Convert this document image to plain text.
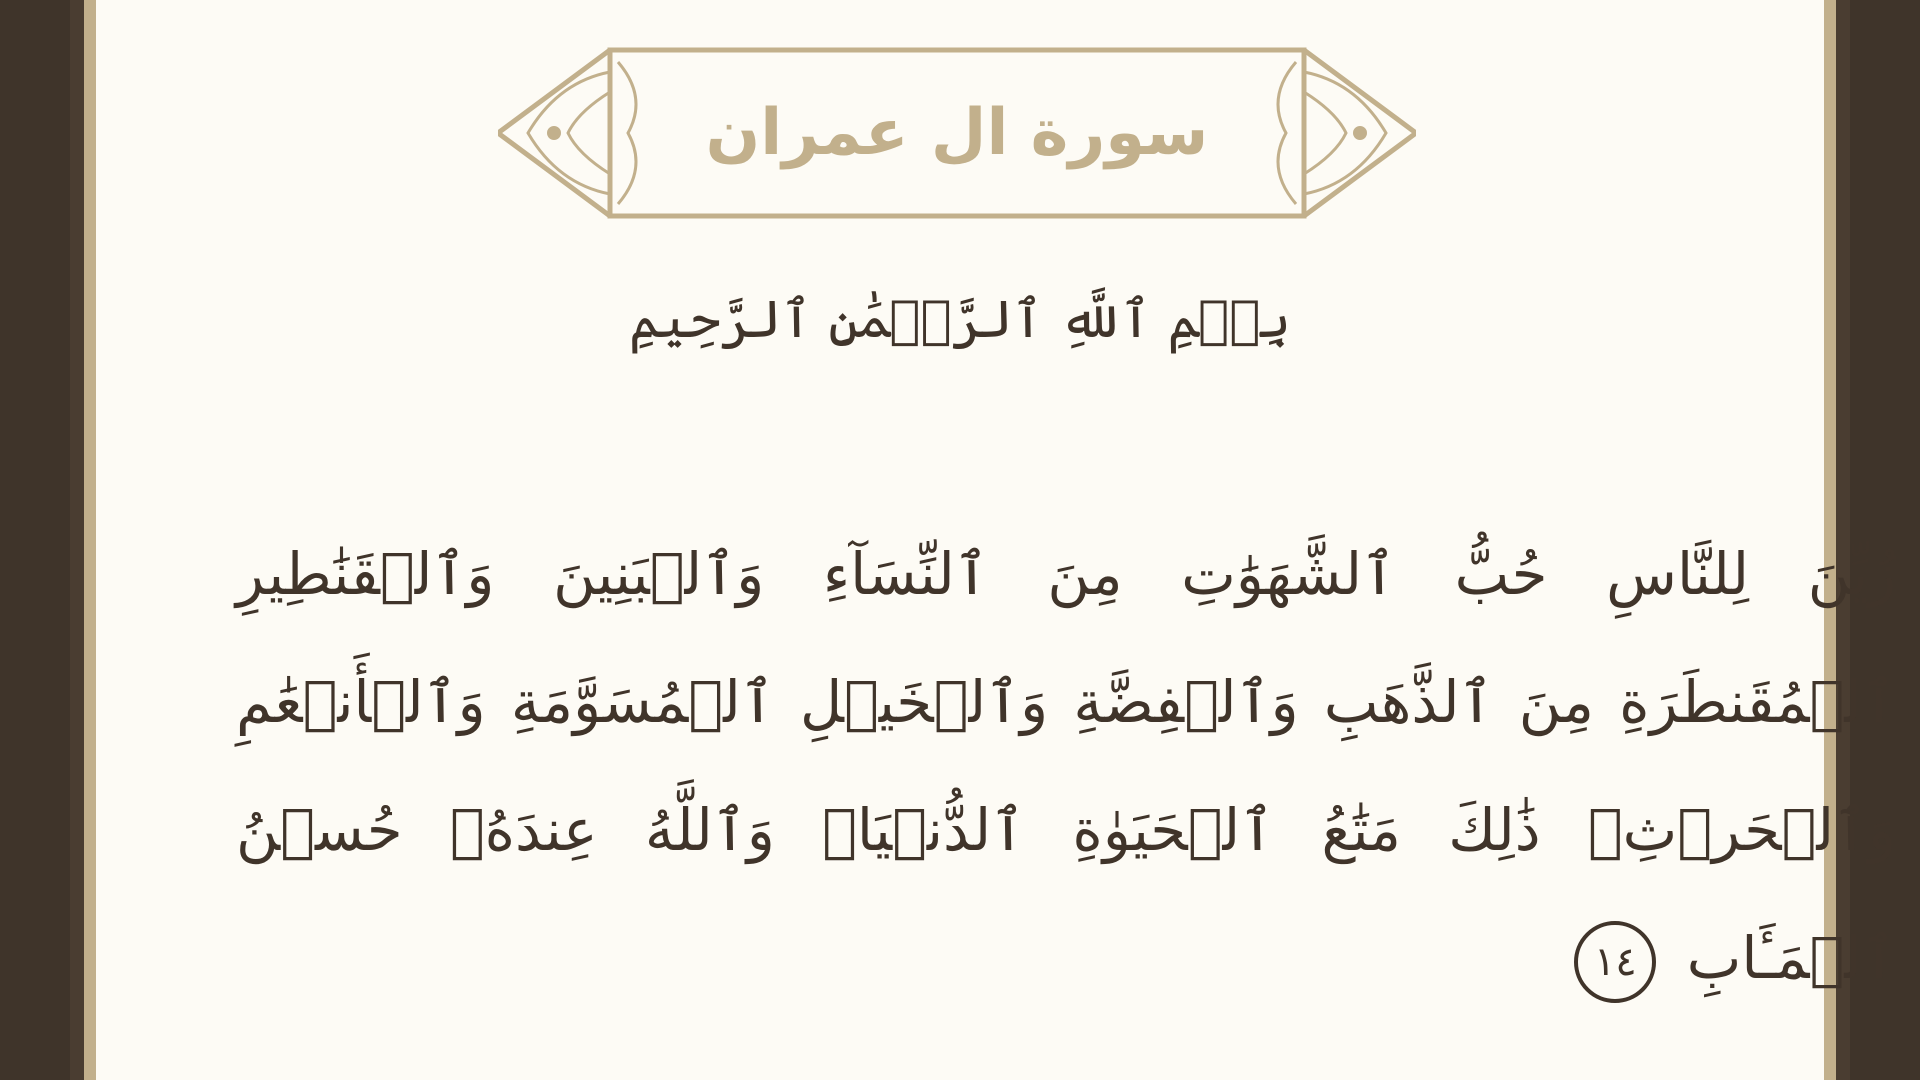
سورة ال عمران
بِسۡمِ ٱللَّهِ ٱلرَّحۡمَٰنِ ٱلرَّحِيمِ
زُيِّنَ لِلنَّاسِ حُبُّ ٱلشَّهَوَٰتِ مِنَ ٱلنِّسَآءِ وَٱلۡبَنِينَ وَٱلۡقَنَٰطِيرِ ٱلۡمُقَنطَرَةِ مِنَ ٱلذَّهَبِ وَٱلۡفِضَّةِ وَٱلۡخَيۡلِ ٱلۡمُسَوَّمَةِ وَٱلۡأَنۡعَٰمِ وَٱلۡحَرۡثِۗ ذَٰلِكَ مَتَٰعُ ٱلۡحَيَوٰةِ ٱلدُّنۡيَاۖ وَٱللَّهُ عِندَهُۥ حُسۡنُ ٱلۡمَـَٔابِ
١٤
